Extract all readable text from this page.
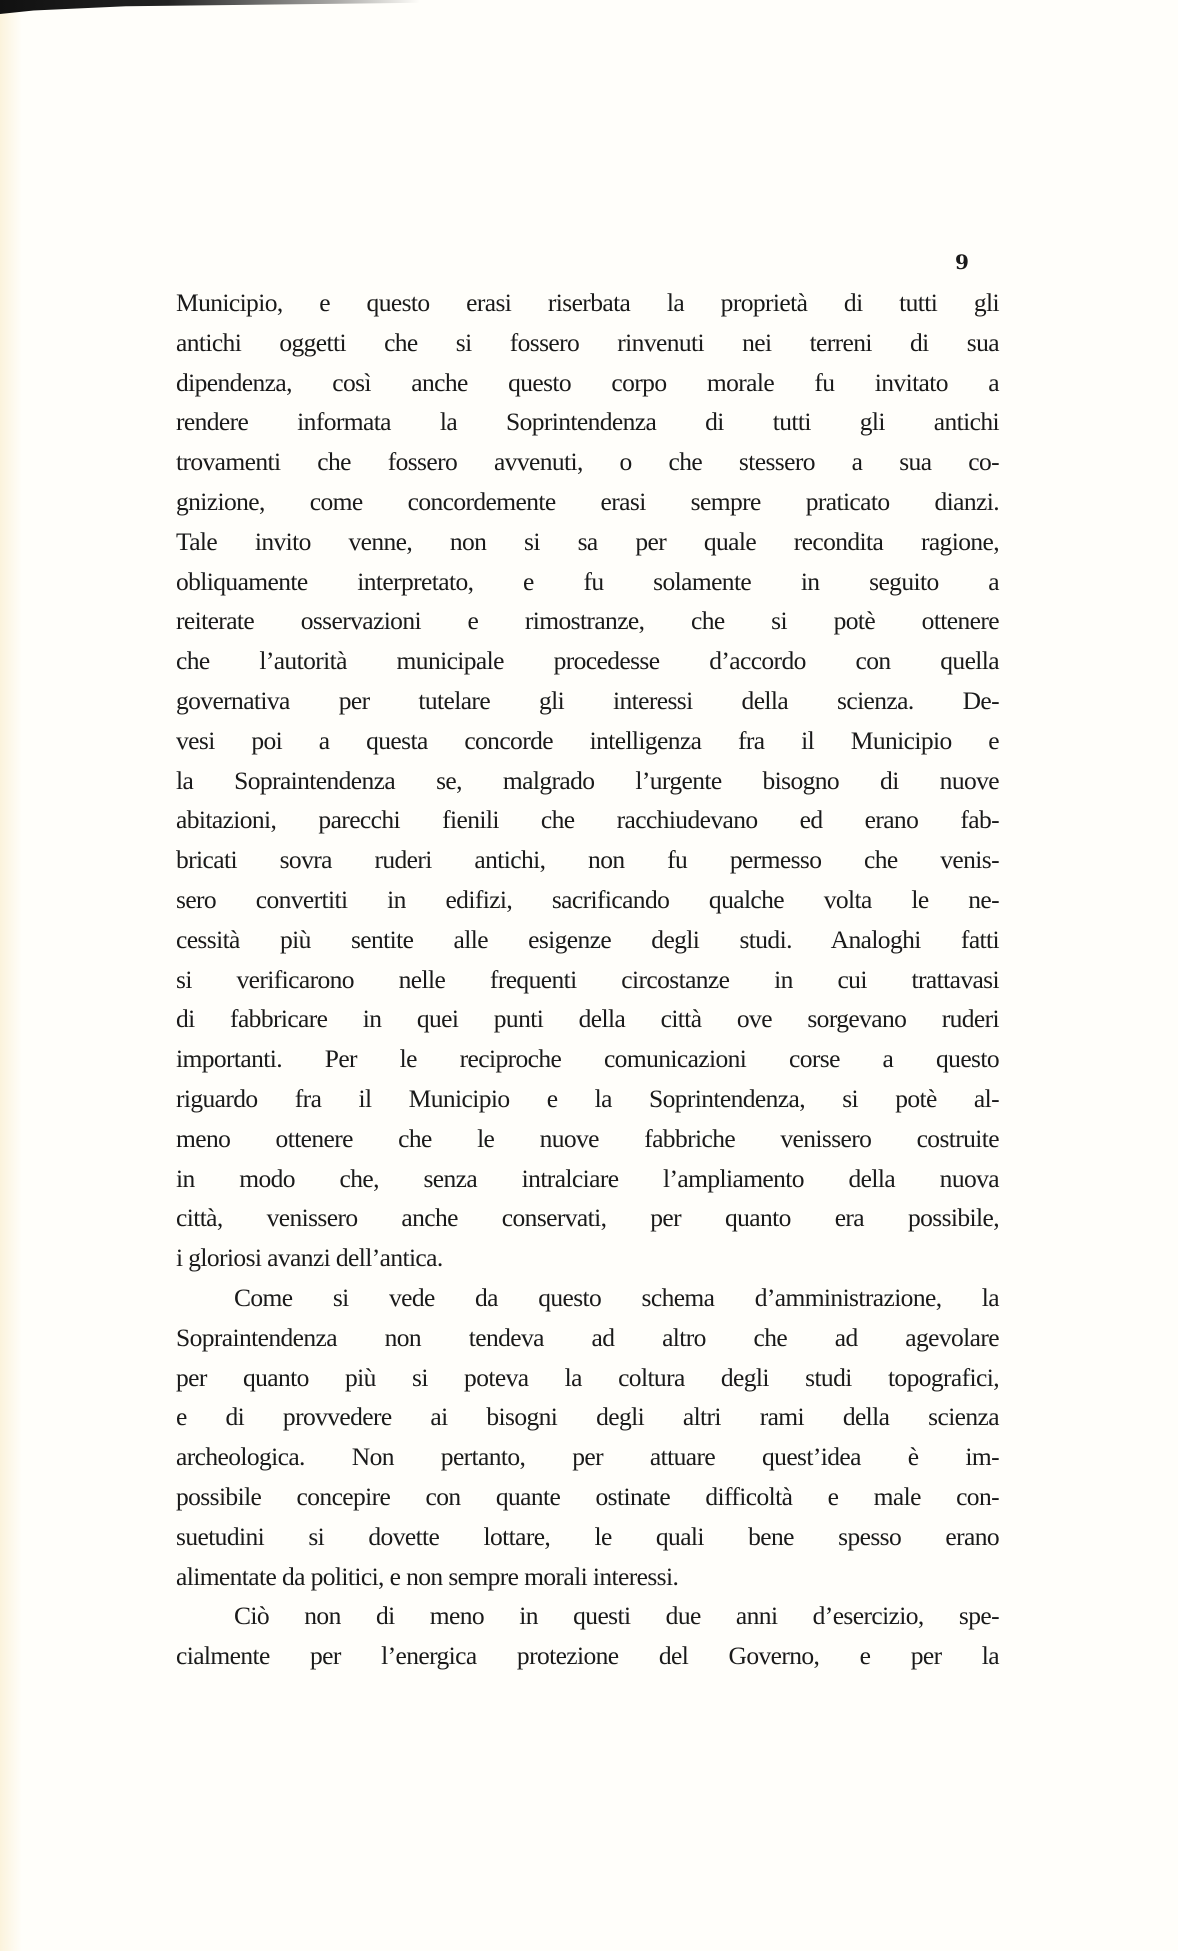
9
Municipio, e questo erasi riserbata la proprietà di tutti gli
antichi oggetti che si fossero rinvenuti nei terreni di sua
dipendenza, così anche questo corpo morale fu invitato a
rendere informata la Soprintendenza di tutti gli antichi
trovamenti che fossero avvenuti, o che stessero a sua co-
gnizione, come concordemente erasi sempre praticato dianzi.
Tale invito venne, non si sa per quale recondita ragione,
obliquamente interpretato, e fu solamente in seguito a
reiterate osservazioni e rimostranze, che si potè ottenere
che l’autorità municipale procedesse d’accordo con quella
governativa per tutelare gli interessi della scienza. De-
vesi poi a questa concorde intelligenza fra il Municipio e
la Sopraintendenza se, malgrado l’urgente bisogno di nuove
abitazioni, parecchi fienili che racchiudevano ed erano fab-
bricati sovra ruderi antichi, non fu permesso che venis-
sero convertiti in edifizi, sacrificando qualche volta le ne-
cessità più sentite alle esigenze degli studi. Analoghi fatti
si verificarono nelle frequenti circostanze in cui trattavasi
di fabbricare in quei punti della città ove sorgevano ruderi
importanti. Per le reciproche comunicazioni corse a questo
riguardo fra il Municipio e la Soprintendenza, si potè al-
meno ottenere che le nuove fabbriche venissero costruite
in modo che, senza intralciare l’ampliamento della nuova
città, venissero anche conservati, per quanto era possibile,
i gloriosi avanzi dell’antica.
Come si vede da questo schema d’amministrazione, la
Sopraintendenza non tendeva ad altro che ad agevolare
per quanto più si poteva la coltura degli studi topografici,
e di provvedere ai bisogni degli altri rami della scienza
archeologica. Non pertanto, per attuare quest’idea è im-
possibile concepire con quante ostinate difficoltà e male con-
suetudini si dovette lottare, le quali bene spesso erano
alimentate da politici, e non sempre morali interessi.
Ciò non di meno in questi due anni d’esercizio, spe-
cialmente per l’energica protezione del Governo, e per la
